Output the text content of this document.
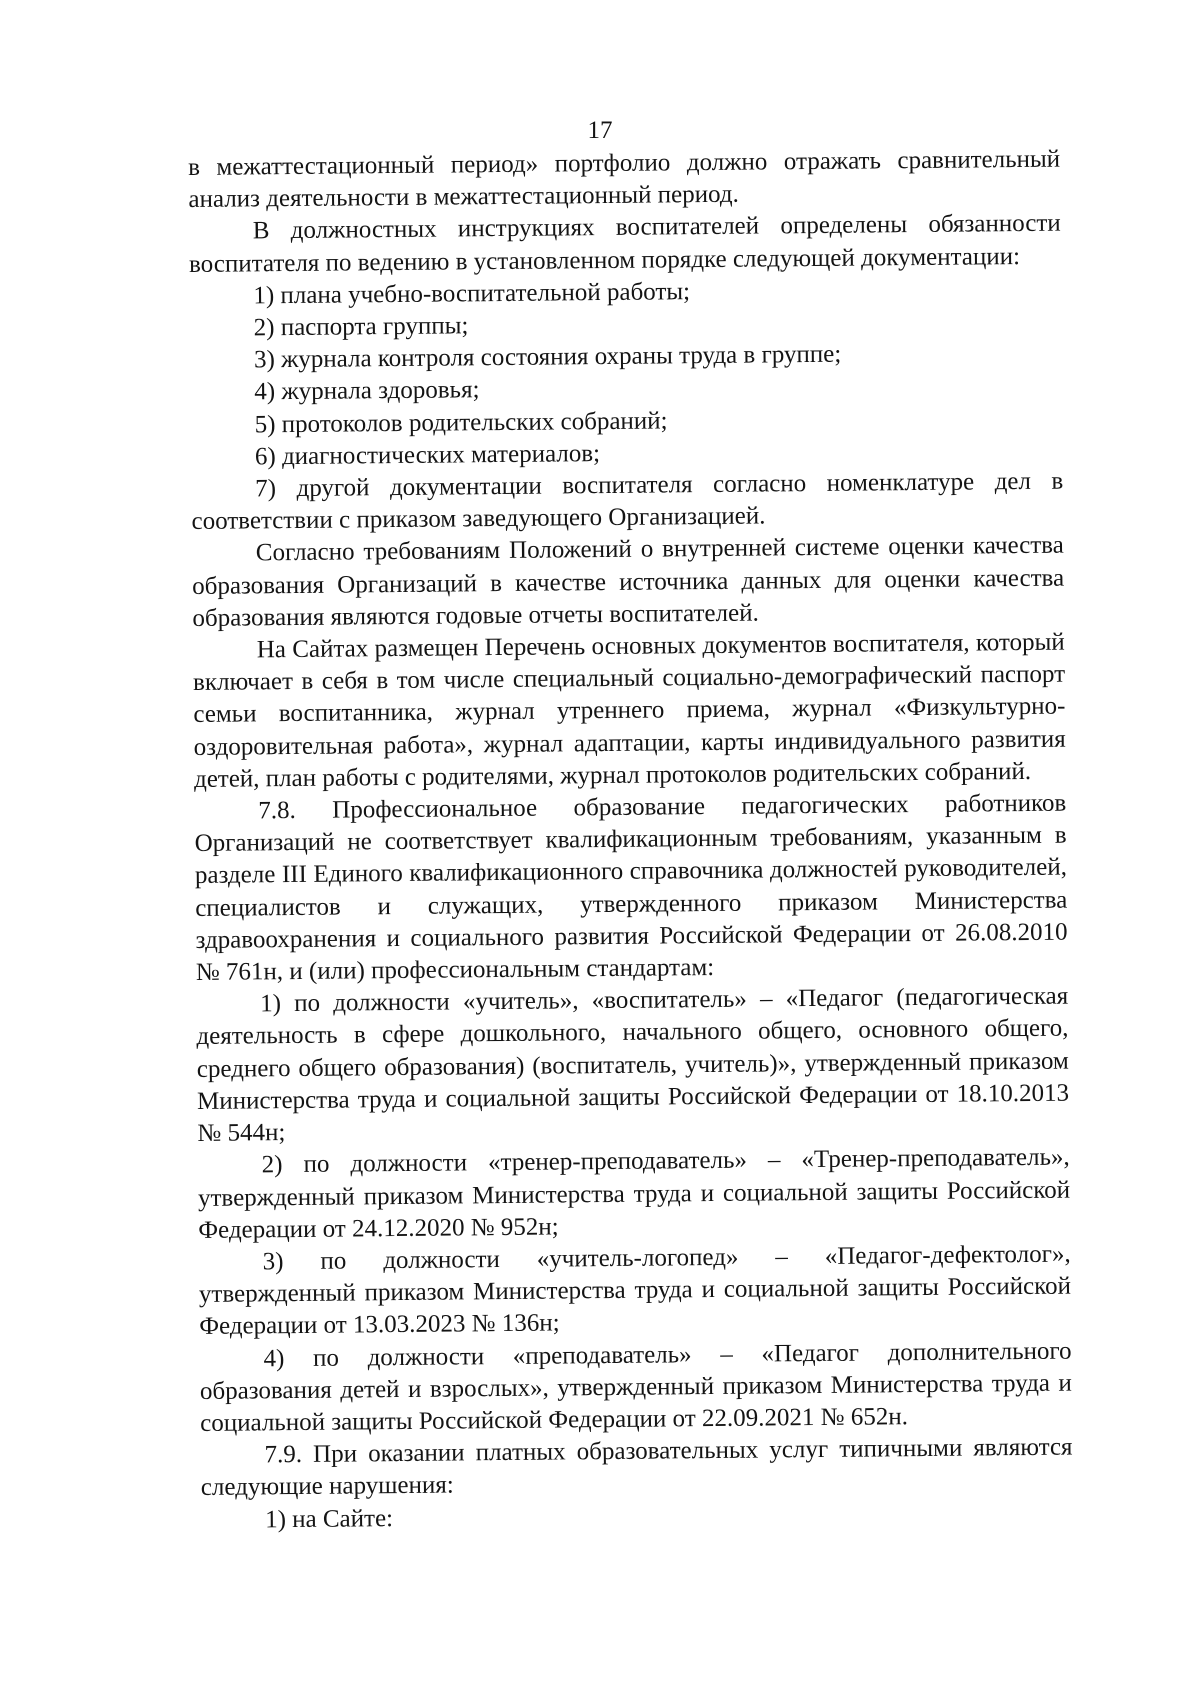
17

в межаттестационный период» портфолио должно отражать сравнительный анализ деятельности в межаттестационный период.

В должностных инструкциях воспитателей определены обязанности воспитателя по ведению в установленном порядке следующей документации:

1) плана учебно-воспитательной работы;

2) паспорта группы;

3) журнала контроля состояния охраны труда в группе;

4) журнала здоровья;

5) протоколов родительских собраний;

6) диагностических материалов;

7) другой документации воспитателя согласно номенклатуре дел в соответствии с приказом заведующего Организацией.

Согласно требованиям Положений о внутренней системе оценки качества образования Организаций в качестве источника данных для оценки качества образования являются годовые отчеты воспитателей.

На Сайтах размещен Перечень основных документов воспитателя, который включает в себя в том числе специальный социально-демографический паспорт семьи воспитанника, журнал утреннего приема, журнал «Физкультурно-оздоровительная работа», журнал адаптации, карты индивидуального развития детей, план работы с родителями, журнал протоколов родительских собраний.

7.8. Профессиональное образование педагогических работников Организаций не соответствует квалификационным требованиям, указанным в разделе III Единого квалификационного справочника должностей руководителей, специалистов и служащих, утвержденного приказом Министерства здравоохранения и социального развития Российской Федерации от 26.08.2010 № 761н, и (или) профессиональным стандартам:

1) по должности «учитель», «воспитатель» – «Педагог (педагогическая деятельность в сфере дошкольного, начального общего, основного общего, среднего общего образования) (воспитатель, учитель)», утвержденный приказом Министерства труда и социальной защиты Российской Федерации от 18.10.2013 № 544н;

2) по должности «тренер-преподаватель» – «Тренер-преподаватель», утвержденный приказом Министерства труда и социальной защиты Российской Федерации от 24.12.2020 № 952н;

3) по должности «учитель-логопед» – «Педагог-дефектолог», утвержденный приказом Министерства труда и социальной защиты Российской Федерации от 13.03.2023 № 136н;

4) по должности «преподаватель» – «Педагог дополнительного образования детей и взрослых», утвержденный приказом Министерства труда и социальной защиты Российской Федерации от 22.09.2021 № 652н.

7.9. При оказании платных образовательных услуг типичными являются следующие нарушения:

1) на Сайте:
